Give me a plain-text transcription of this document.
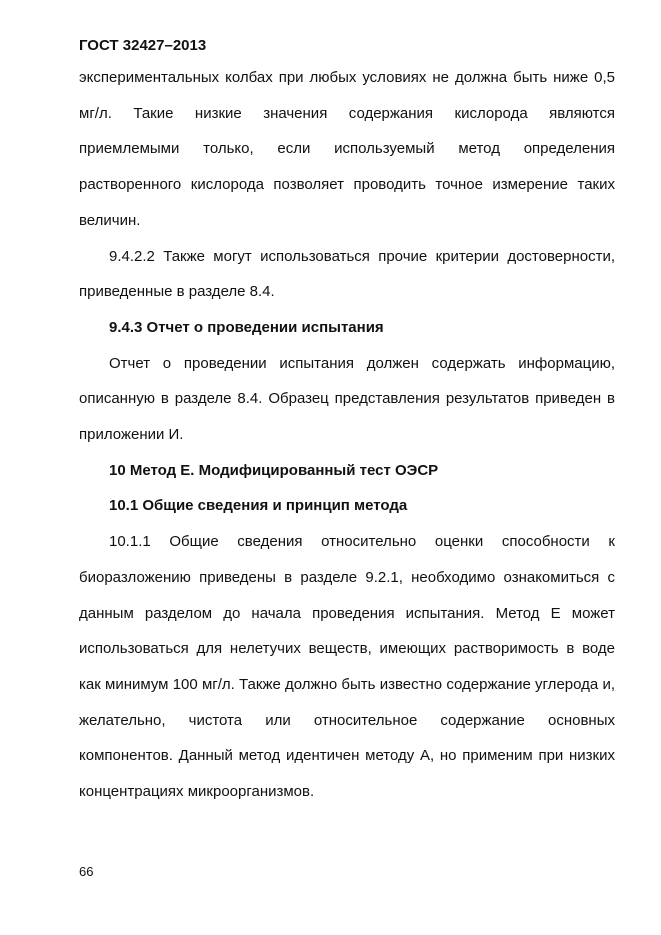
ГОСТ 32427–2013

экспериментальных колбах при любых условиях не должна быть ниже 0,5 мг/л. Такие низкие значения содержания кислорода являются приемлемыми только, если используемый метод определения растворенного кислорода позволяет проводить точное измерение таких величин.

9.4.2.2 Также могут использоваться прочие критерии достоверности, приведенные в разделе 8.4.

9.4.3 Отчет о проведении испытания

Отчет о проведении испытания должен содержать информацию, описанную в разделе 8.4. Образец представления результатов приведен в приложении И.

10 Метод Е. Модифицированный тест ОЭСР

10.1 Общие сведения и принцип метода

10.1.1 Общие сведения относительно оценки способности к биоразложению приведены в разделе 9.2.1, необходимо ознакомиться с данным разделом до начала проведения испытания. Метод Е может использоваться для нелетучих веществ, имеющих растворимость в воде как минимум 100 мг/л. Также должно быть известно содержание углерода и, желательно, чистота или относительное содержание основных компонентов. Данный метод идентичен методу А, но применим при низких концентрациях микроорганизмов.

66
